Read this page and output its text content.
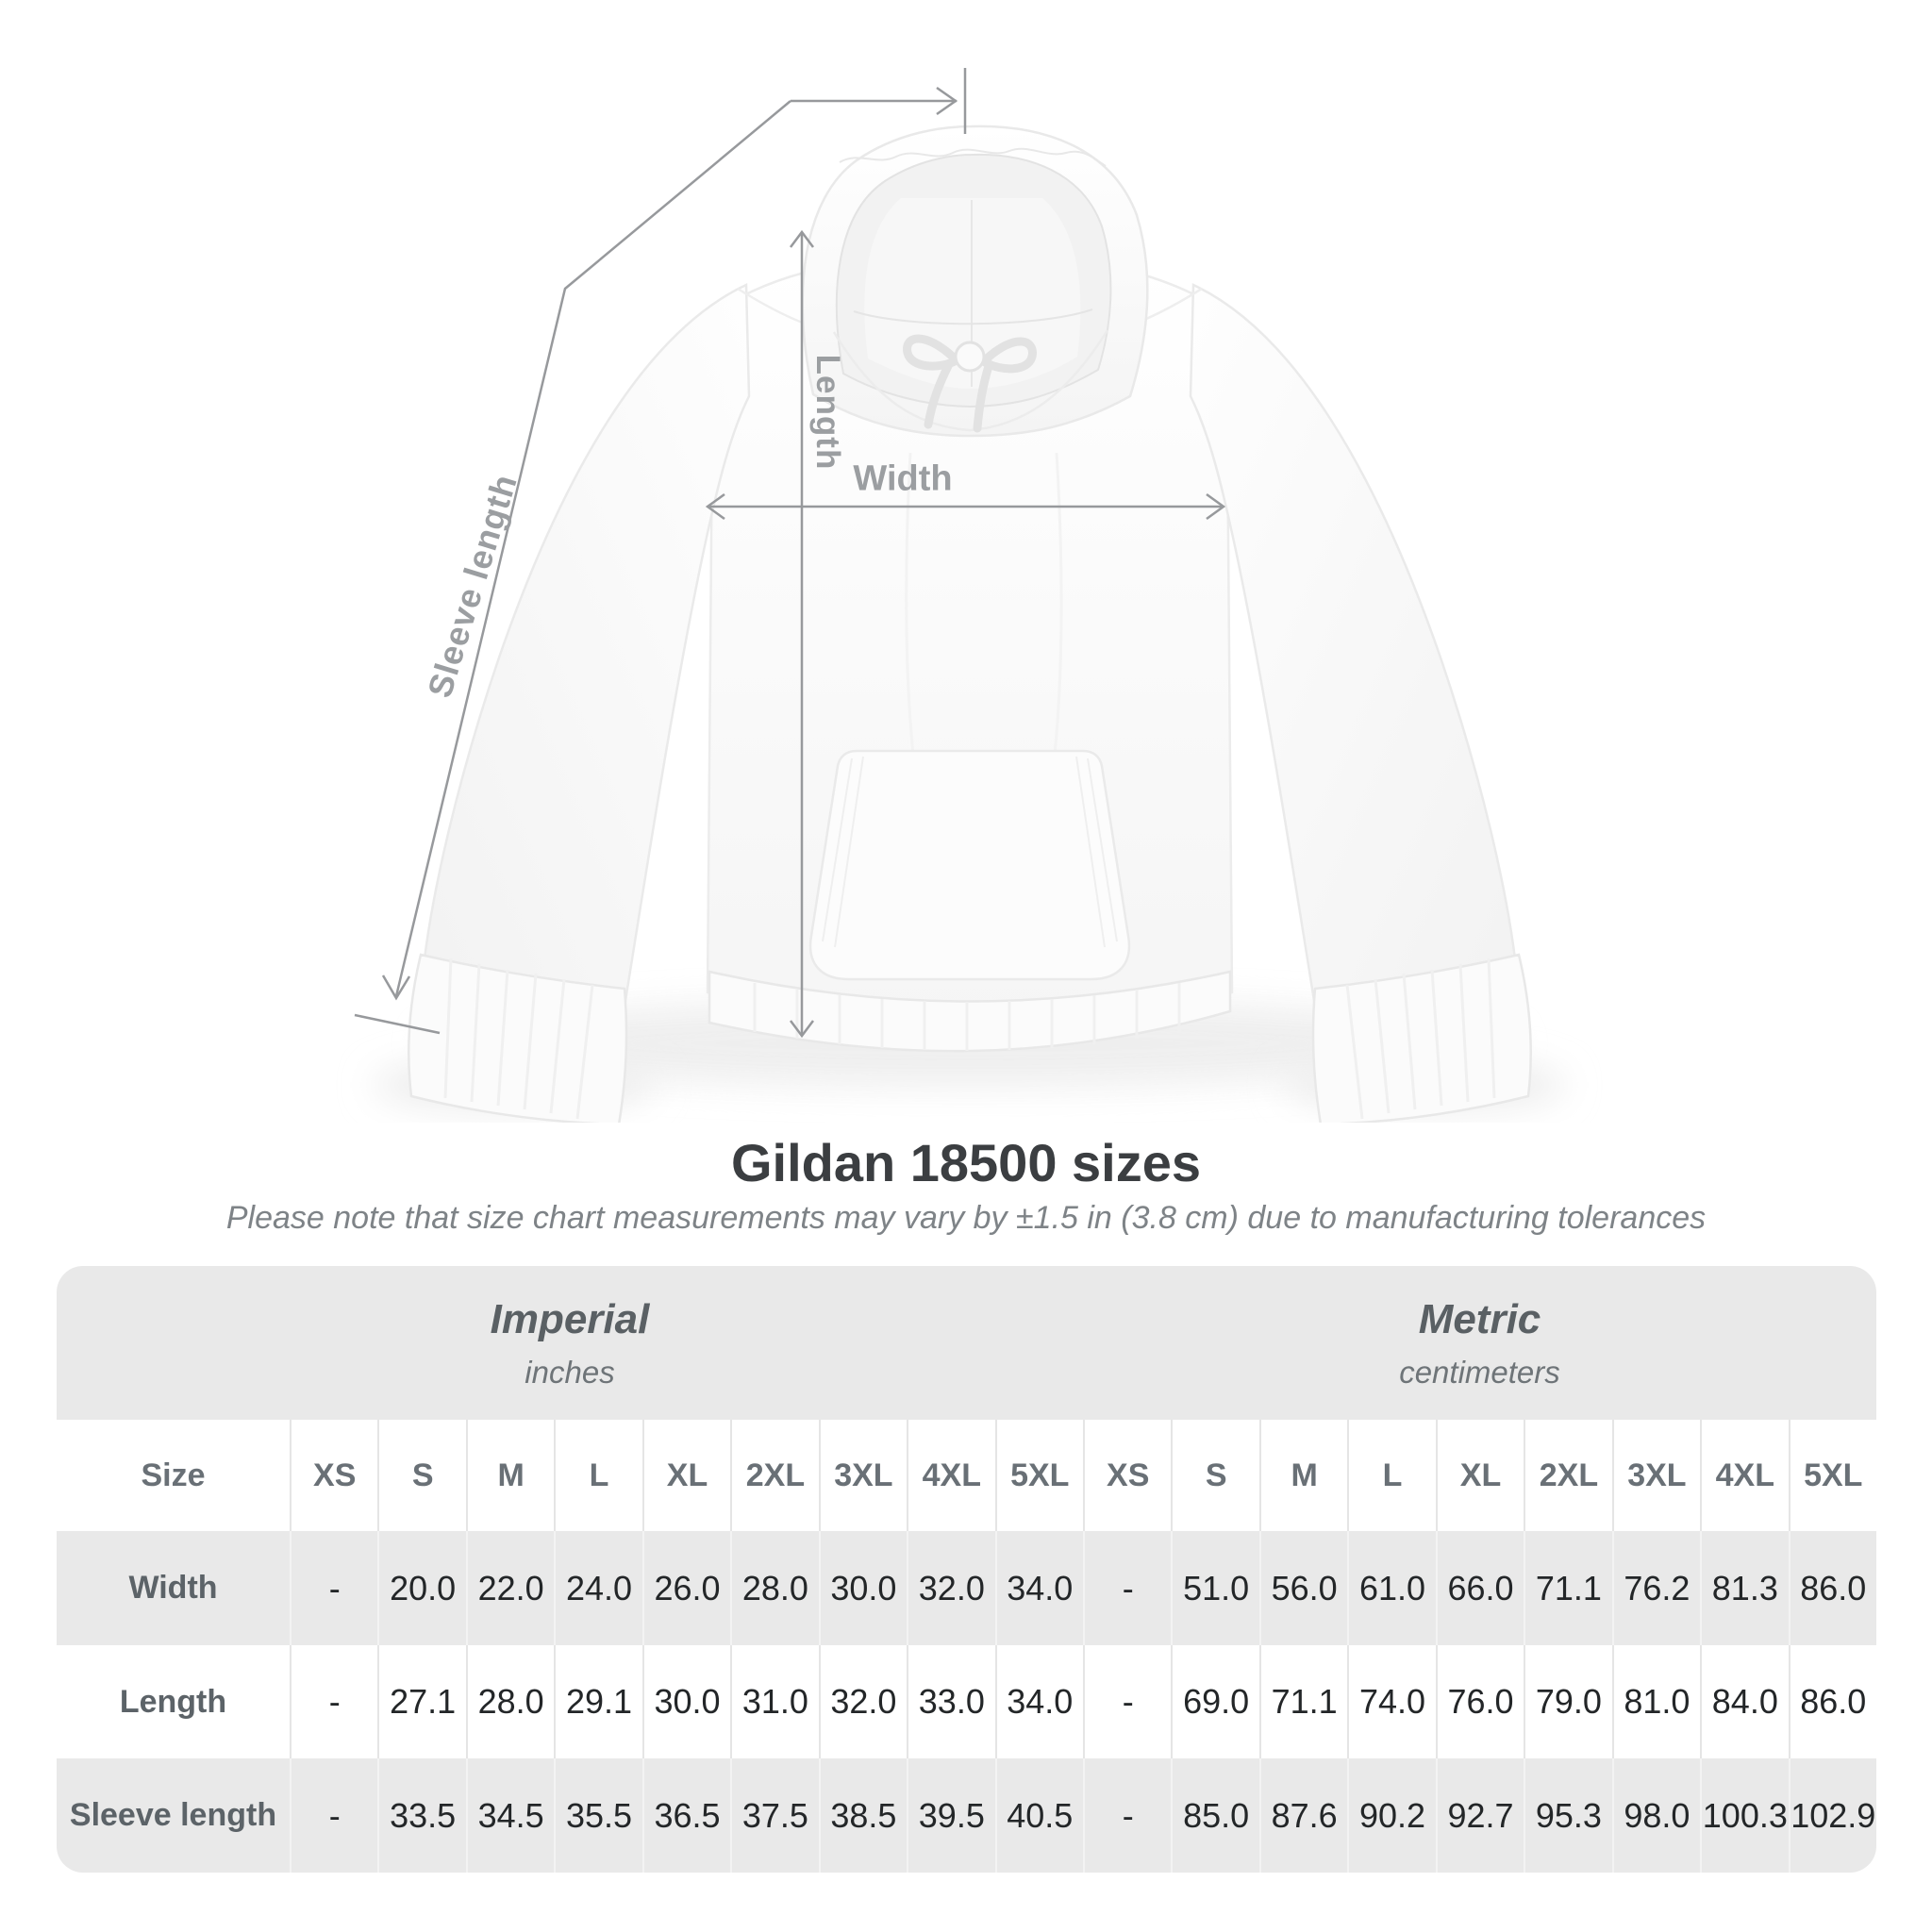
Length
Width
Sleeve length
Gildan 18500 sizes
Please note that size chart measurements may vary by ±1.5 in (3.8 cm) due to manufacturing tolerances
Imperial
inches
Metric
centimeters
Size	XS	S	M	L	XL	2XL 3XL 4XL 5XL	XS	S	M	L	XL	2XL 3XL 4XL 5XL
Width	-	20.0 22.0 24.0 26.0 28.0 30.0 32.0 34.0	-	51.0 56.0 61.0 66.0 71.1 76.2 81.3 86.0
Length	-	27.1 28.0 29.1 30.0 31.0 32.0 33.0 34.0	-	69.0 71.1 74.0 76.0 79.0 81.0 84.0 86.0
Sleeve length	-	33.5 34.5 35.5 36.5 37.5 38.5 39.5 40.5	-	85.0 87.6 90.2 92.7 95.3 98.0 100.3 102.9
